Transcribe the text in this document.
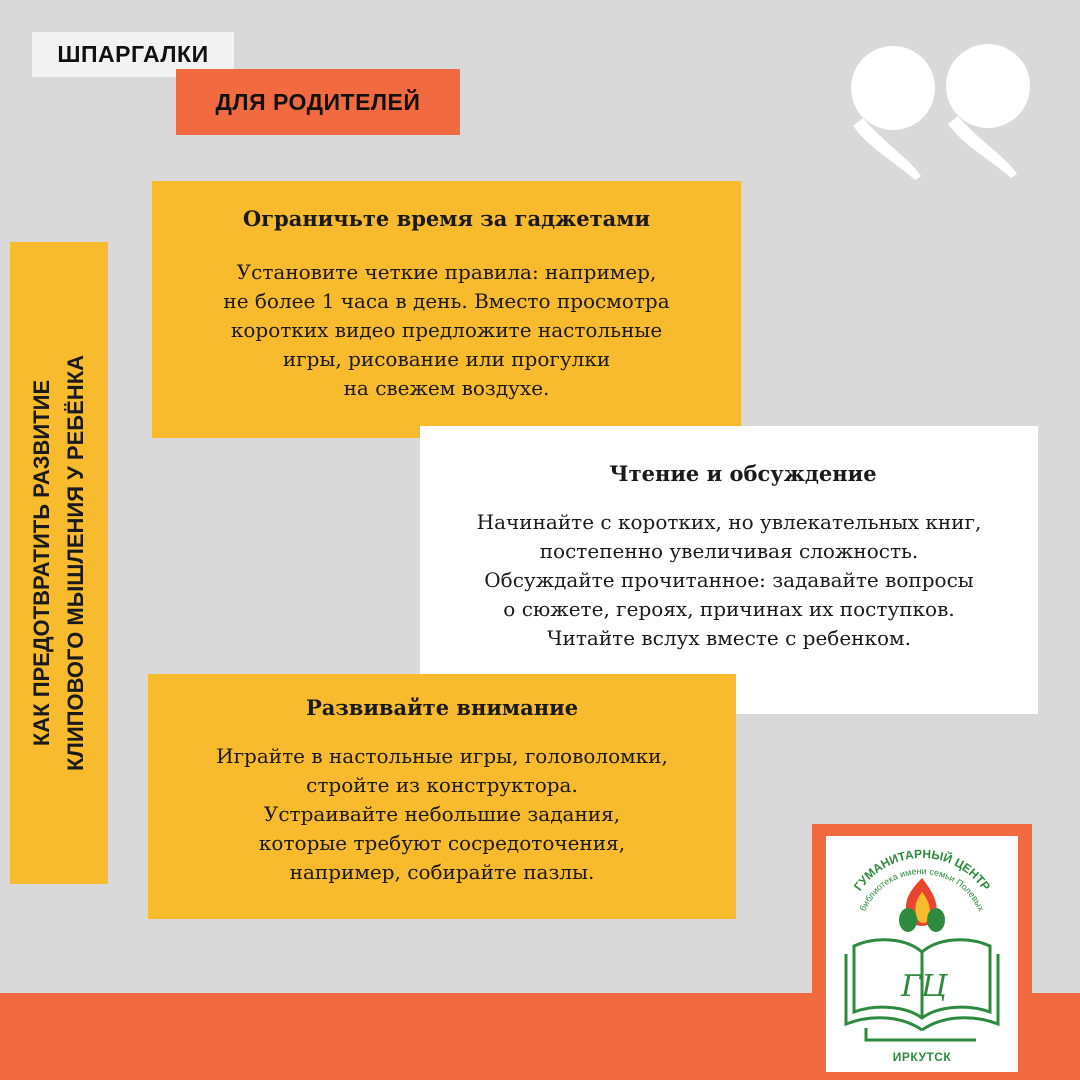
ШПАРГАЛКИ
ДЛЯ РОДИТЕЛЕЙ
КАК ПРЕДОТВРАТИТЬ РАЗВИТИЕ КЛИПОВОГО МЫШЛЕНИЯ У РЕБЁНКА
Ограничьте время за гаджетами

Установите четкие правила: например,
не более 1 часа в день. Вместо просмотра
коротких видео предложите настольные
игры, рисование или прогулки
на свежем воздухе.

Чтение и обсуждение

Начинайте с коротких, но увлекательных книг,
постепенно увеличивая сложность.
Обсуждайте прочитанное: задавайте вопросы
о сюжете, героях, причинах их поступков.
Читайте вслух вместе с ребенком.

Развивайте внимание

Играйте в настольные игры, головоломки,
стройте из конструктора.
Устраивайте небольшие задания,
которые требуют сосредоточения,
например, собирайте пазлы.

ГУМАНИТАРНЫЙ ЦЕНТР
библиотека имени семьи Полевых
ГЦ
ИРКУТСК
